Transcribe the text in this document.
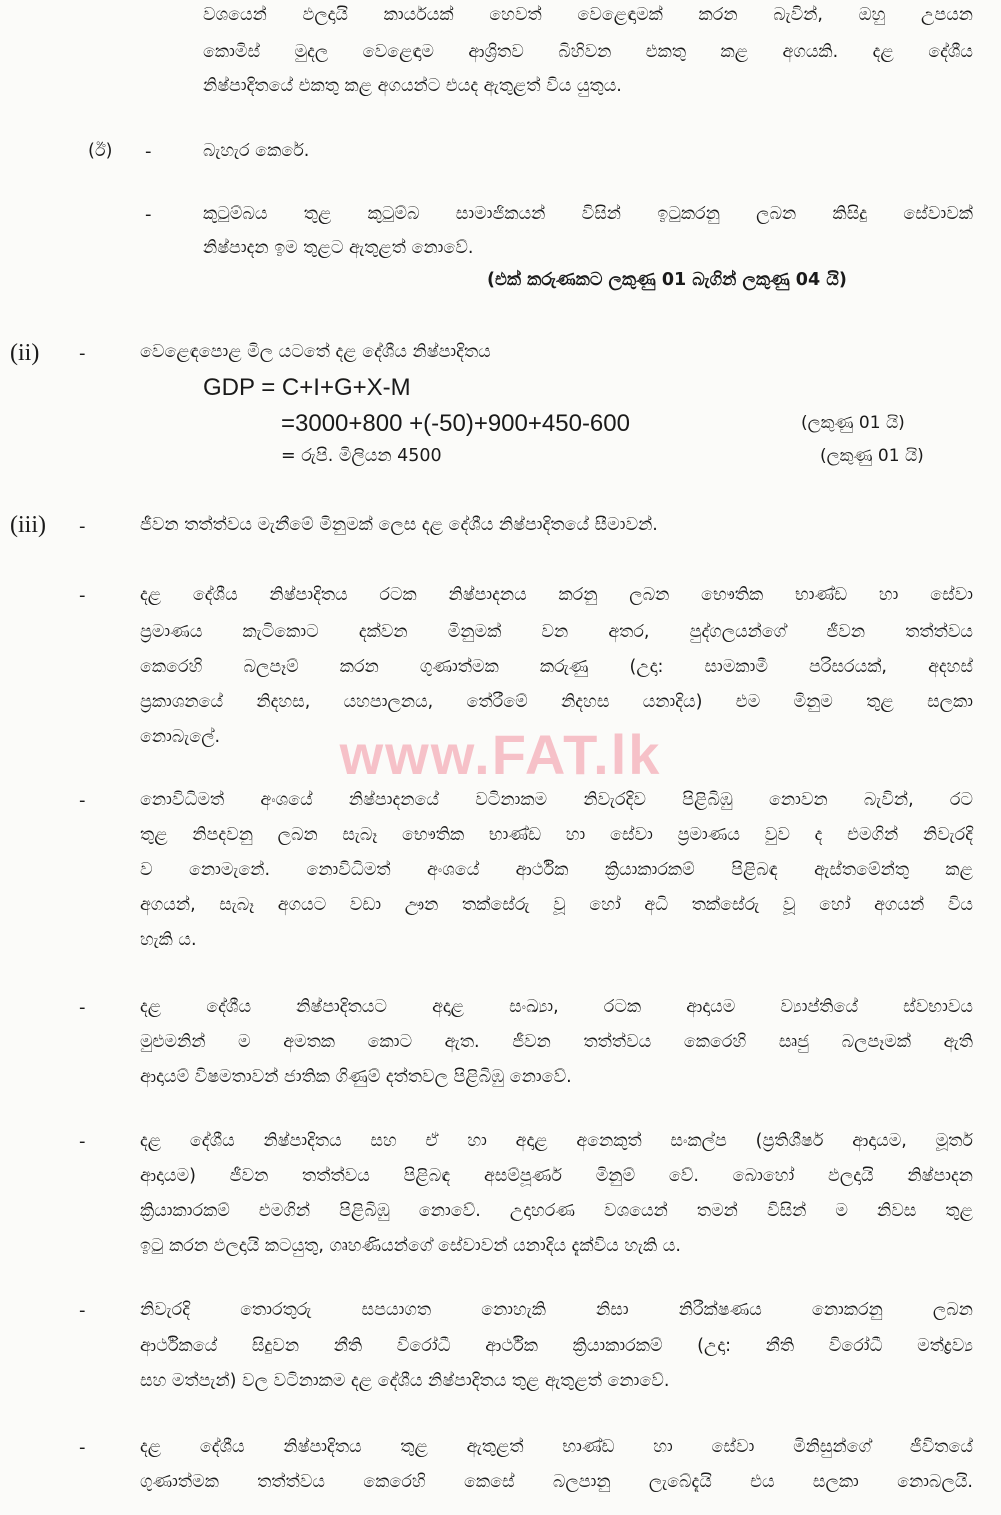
www.FAT.lk
වශයෙන් ඵලදායි කාර්යයක් හෙවත් වෙළෙඳාමක් කරන බැවින්, ඔහු උපයන
කොමිස් මුදල වෙළෙඳාම ආශ්‍රිතව බිහිවන එකතු කළ අගයකි. දළ දේශීය
නිෂ්පාදිතයේ එකතු කළ අගයන්ට එයද ඇතුළත් විය යුතුය.
(ඊ) -	බැහැර කෙරේ.
-	කුටුම්බය තුළ කුටුම්බ සාමාජිකයන් විසින් ඉටුකරනු ලබන කිසිදු සේවාවක්
නිෂ්පාදන ඉම තුළට ඇතුළත් නොවේ.
(එක් කරුණකට ලකුණු 01 බැගින් ලකුණු 04 යි)
(ii) -	වෙළෙඳපොළ මිල යටතේ දළ දේශීය නිෂ්පාදිතය
GDP = C+I+G+X-M
=3000+800 +(-50)+900+450-600	(ලකුණු 01 යි)
= රුපි. මිලියන 4500	(ලකුණු 01 යි)
(iii) -	ජීවන තත්ත්වය මැනීමේ මිනුමක් ලෙස දළ දේශීය නිෂ්පාදිතයේ සීමාවන්.
-	දළ දේශීය නිෂ්පාදිතය රටක නිෂ්පාදනය කරනු ලබන භෞතික භාණ්ඩ හා සේවා
ප්‍රමාණය කැටිකොට දක්වන මිනුමක් වන අතර, පුද්ගලයන්ගේ ජීවන තත්ත්වය
කෙරෙහි බලපෑම් කරන ගුණාත්මක කරුණු (උදා: සාමකාමී පරිසරයක්, අදහස්
ප්‍රකාශනයේ නිදහස, යහපාලනය, තේරීමේ නිදහස යනාදිය) එම මිනුම තුළ සලකා
නොබැලේ.
-	නොවිධිමත් අංශයේ නිෂ්පාදනයේ වටිනාකම නිවැරදිව පිළිබිඹු නොවන බැවින්, රට
තුළ නිපදවනු ලබන සැබෑ භෞතික භාණ්ඩ හා සේවා ප්‍රමාණය වුව ද එමගින් නිවැරදි
ව නොමැනේ. නොවිධිමත් අංශයේ ආර්ථික ක්‍රියාකාරකම් පිළිබඳ ඇස්තමේන්තු කළ
අගයන්, සැබෑ අගයට වඩා ඌන තක්සේරු වූ හෝ අධි තක්සේරු වූ හෝ අගයන් විය
හැකි ය.
-	දළ දේශීය නිෂ්පාදිතයට අදාළ සංඛ්‍යා, රටක ආදායම ව්‍යාප්තියේ ස්වභාවය
මුළුමනින් ම අමතක කොට ඇත. ජීවන තත්ත්වය කෙරෙහි සෘජු බලපෑමක් ඇති
ආදායම් විෂමතාවන් ජාතික ගිණුම් දත්තවල පිළිබිඹු නොවේ.
-	දළ දේශීය නිෂ්පාදිතය සහ ඒ හා අදාළ අනෙකුත් සංකල්ප (ප්‍රතිශීර්ෂ ආදායම, මූර්ත
ආදායම) ජීවන තත්ත්වය පිළිබඳ අසම්පූර්ණ මිනුම් වේ. බොහෝ ඵලදායි නිෂ්පාදන
ක්‍රියාකාරකම් එමගින් පිළිබිඹු නොවේ. උදාහරණ වශයෙන් තමන් විසින් ම නිවස තුළ
ඉටු කරන ඵලදායි කටයුතු, ගෘහණියන්ගේ සේවාවන් යනාදිය දැක්විය හැකි ය.
-	නිවැරදි තොරතුරු සපයාගත නොහැකි නිසා නිරීක්ෂණය නොකරනු ලබන
ආර්ථිකයේ සිදුවන නීති විරෝධී ආර්ථික ක්‍රියාකාරකම් (උදා: නීති විරෝධී මත්ද්‍රව්‍ය
සහ මත්පැන්) වල වටිනාකම දළ දේශීය නිෂ්පාදිතය තුළ ඇතුළත් නොවේ.
-	දළ දේශීය නිෂ්පාදිතය තුළ ඇතුළත් භාණ්ඩ හා සේවා මිනිසුන්ගේ ජීවිතයේ
ගුණාත්මක තත්ත්වය කෙරෙහි කෙසේ බලපානු ලැබේදැයි එය සලකා නොබලයි.
